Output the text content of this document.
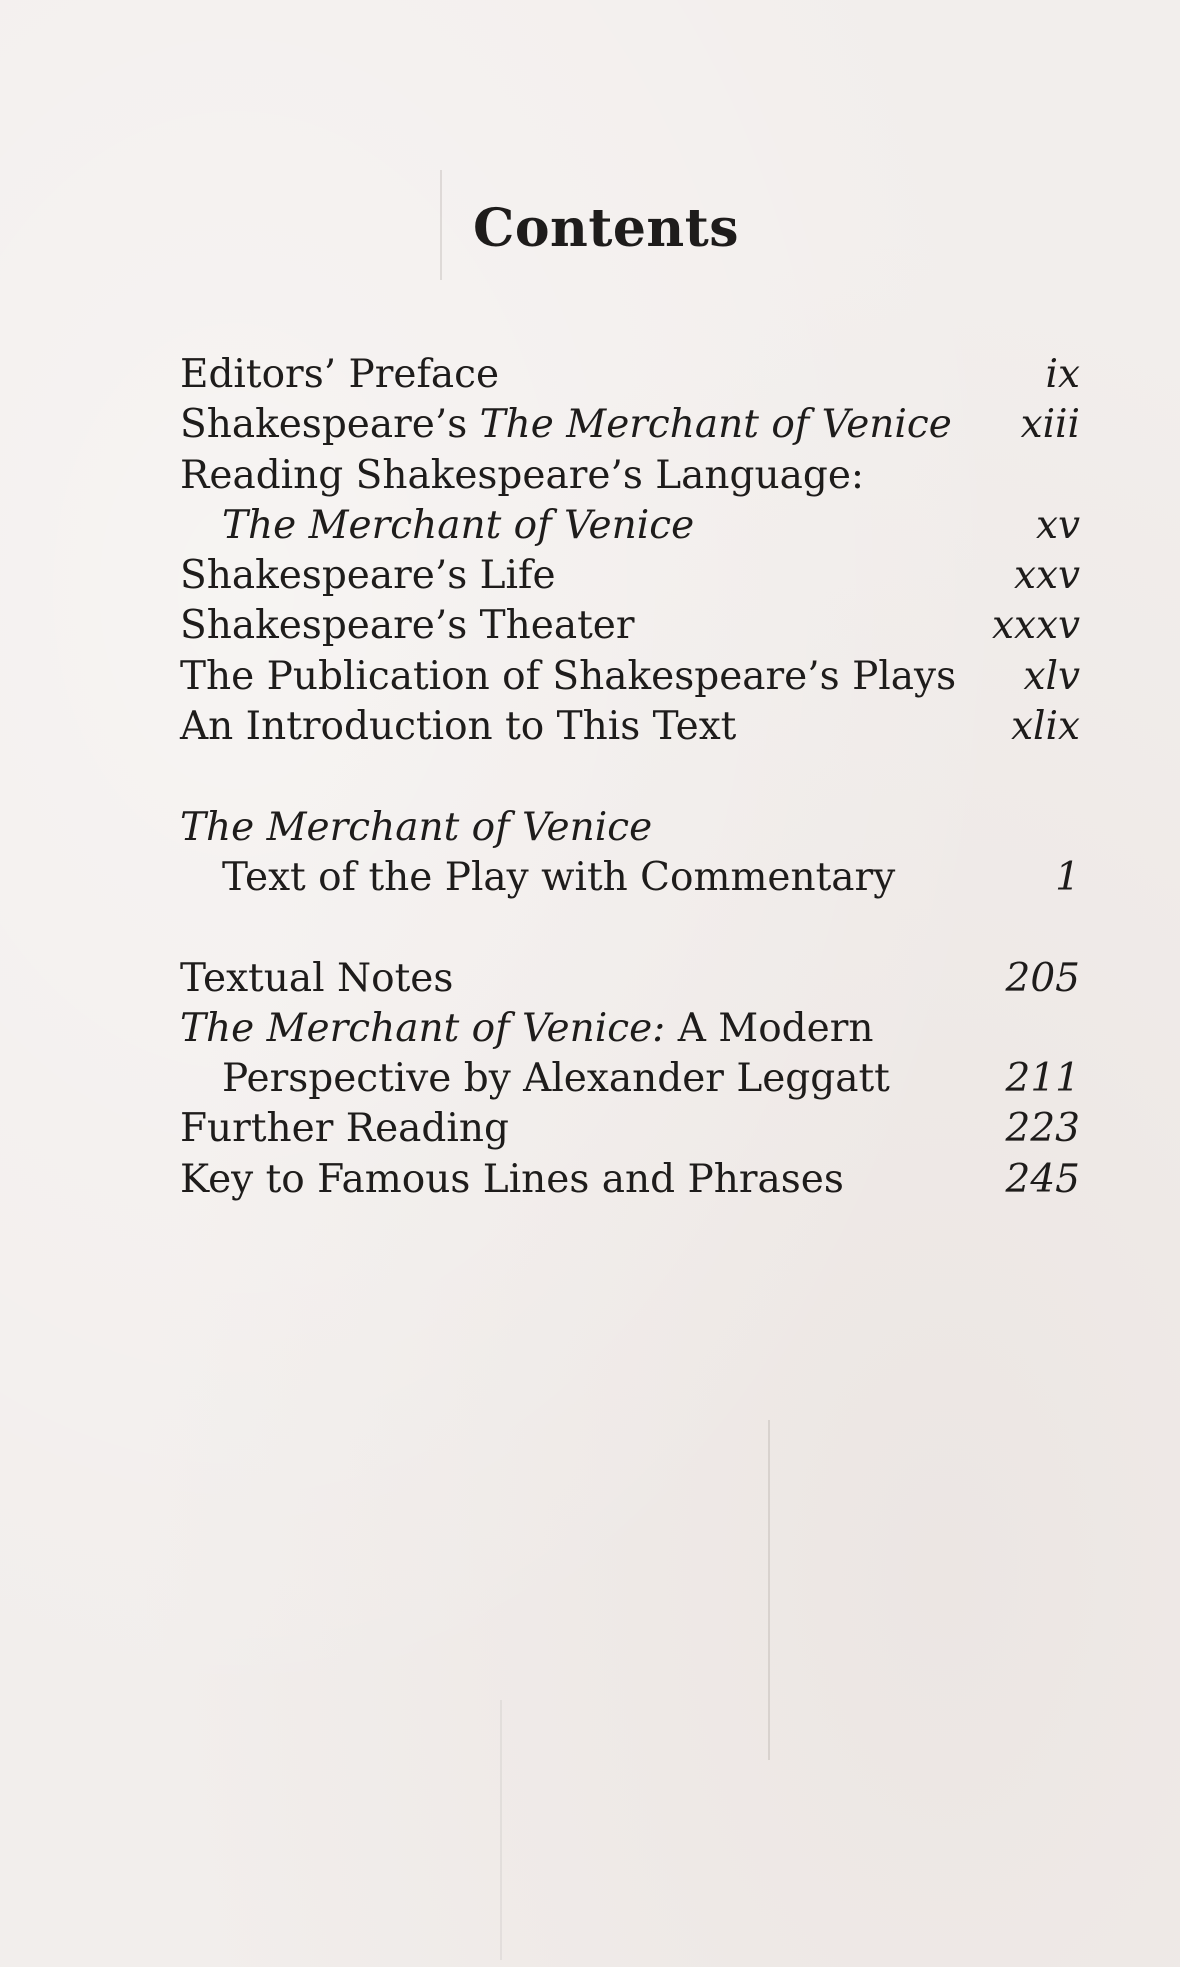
Contents
Editors’ Preface	ix
Shakespeare’s The Merchant of Venice xiii
Reading Shakespeare’s Language:
The Merchant of Venice	xv
Shakespeare’s Life	xxv
Shakespeare’s Theater	xxxv
The Publication of Shakespeare’s Plays xlv
An Introduction to This Text	xlix
The Merchant of Venice
Text of the Play with Commentary	1
Textual Notes	205
The Merchant of Venice: A Modern
Perspective by Alexander Leggatt	211
Further Reading	223
Key to Famous Lines and Phrases	245
